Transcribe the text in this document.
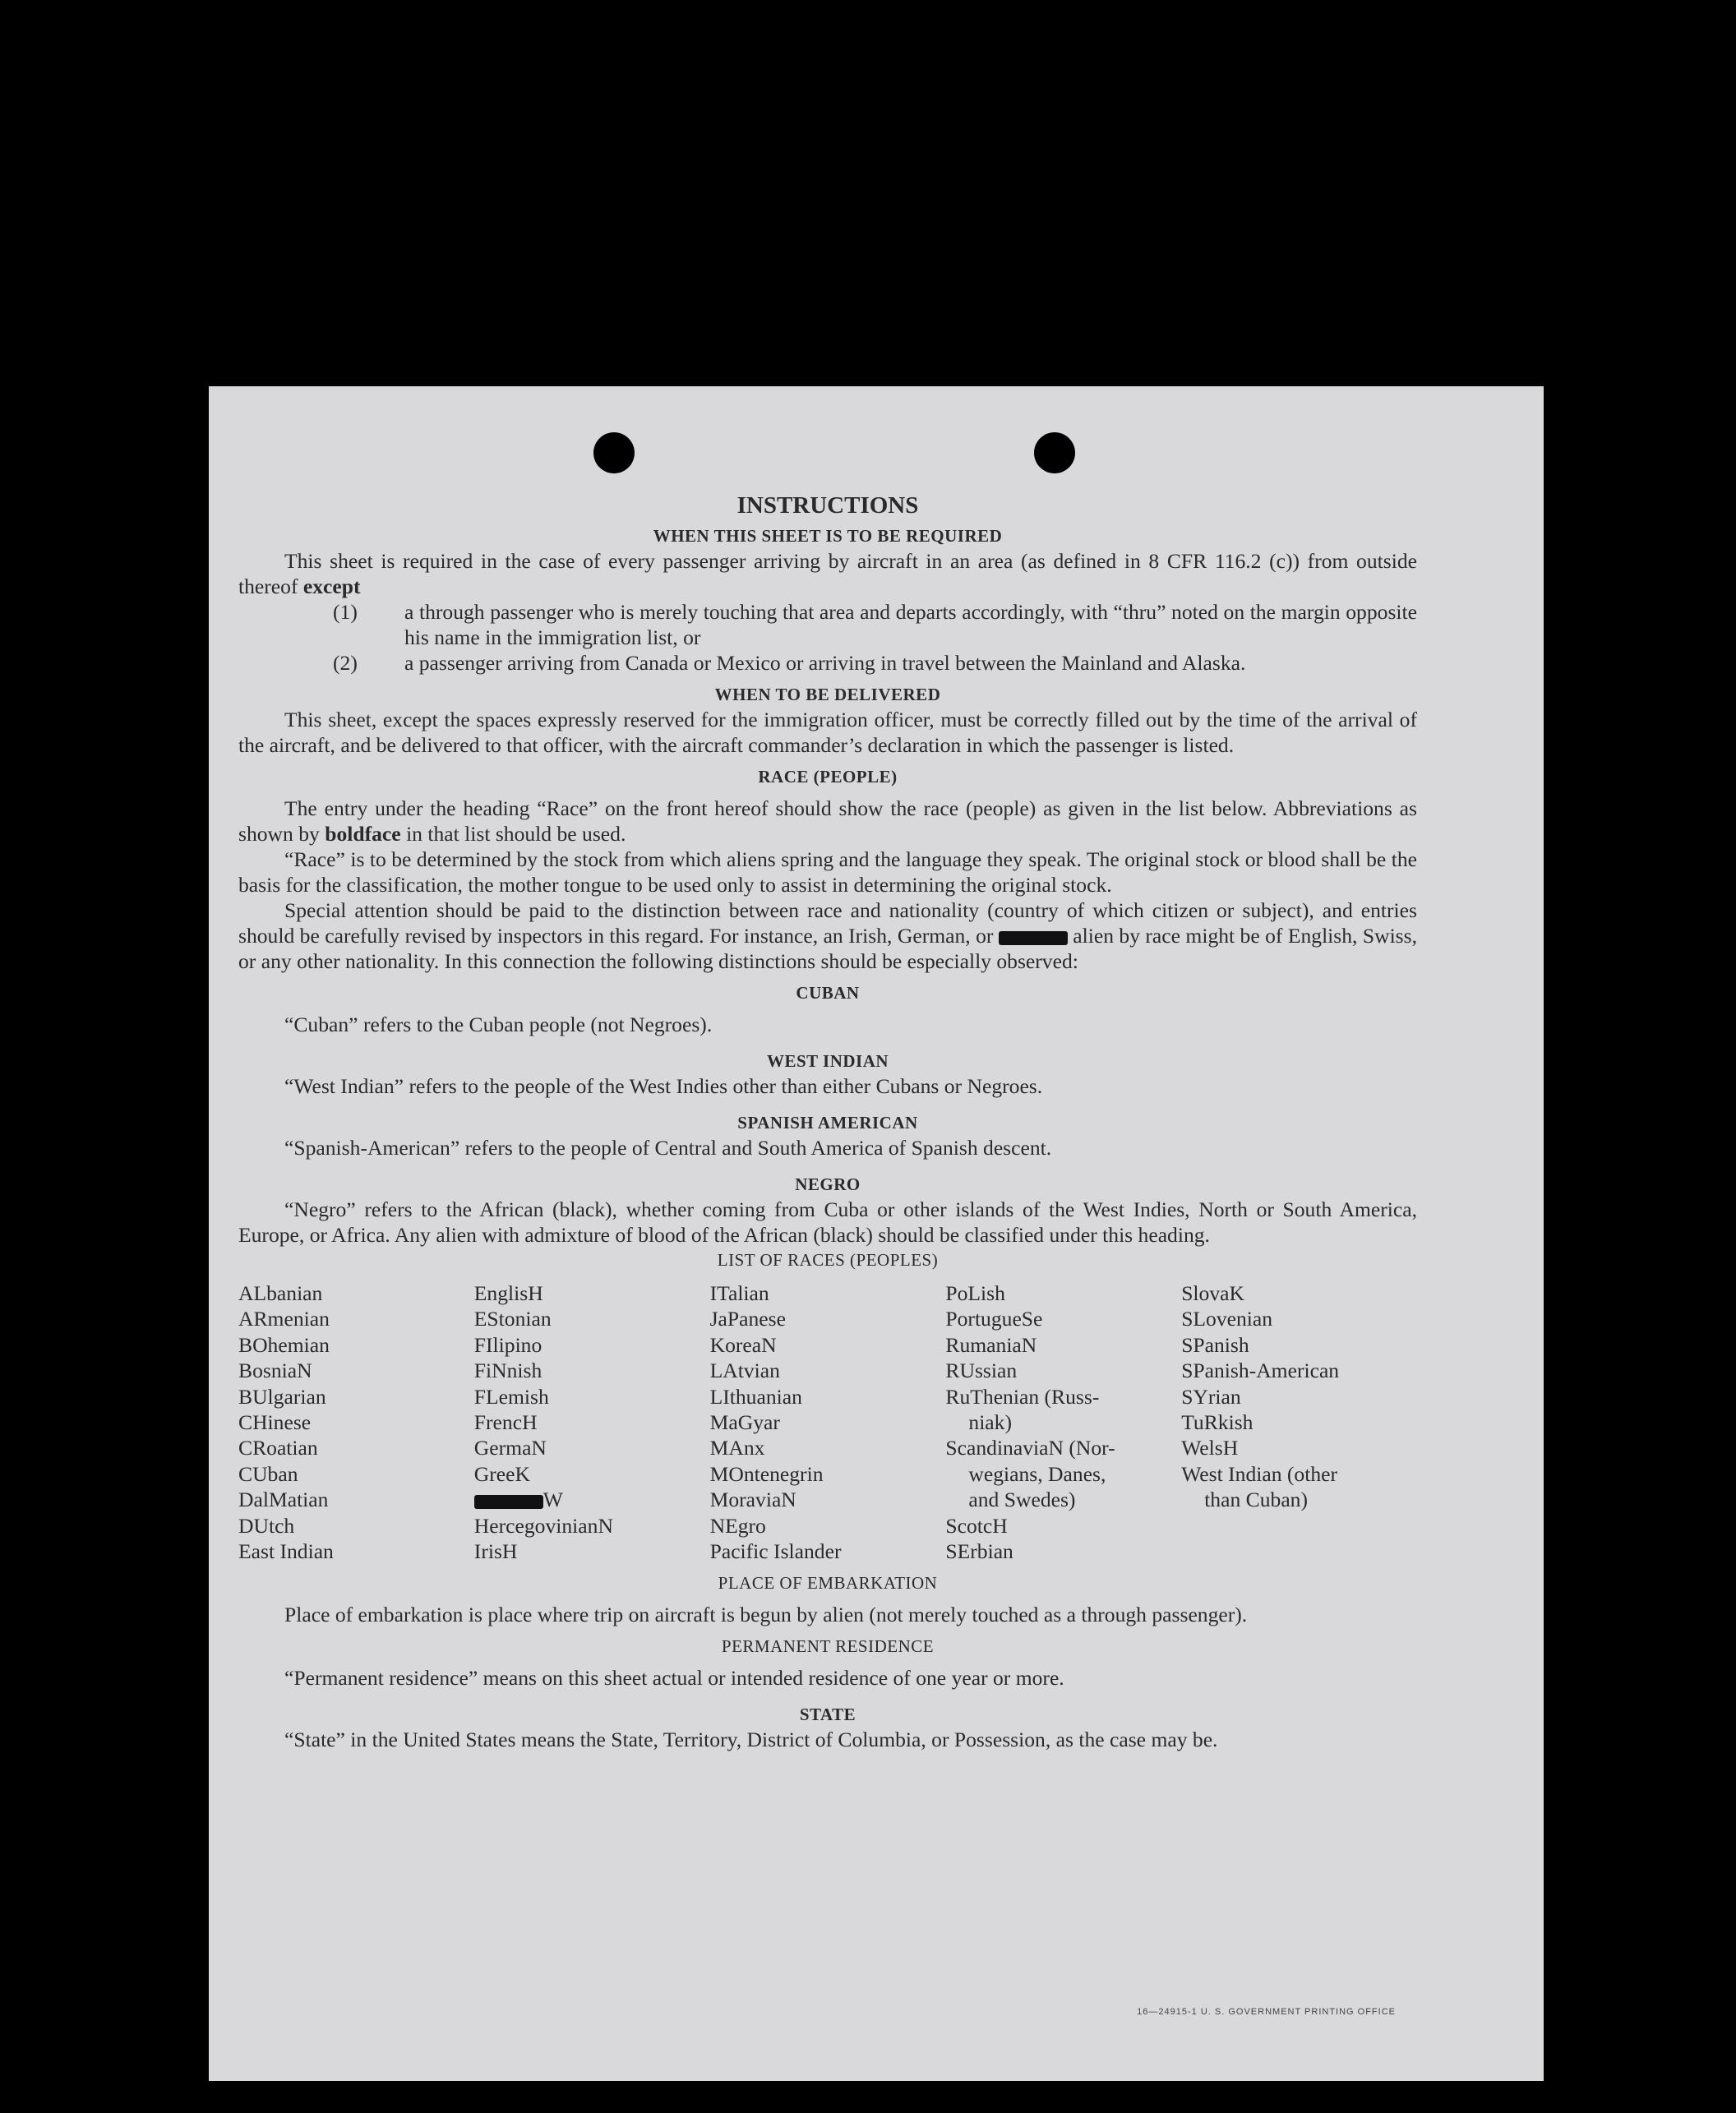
INSTRUCTIONS
WHEN THIS SHEET IS TO BE REQUIRED

This sheet is required in the case of every passenger arriving by aircraft in an area (as defined in 8 CFR 116.2 (c)) from outside thereof except

(1) a through passenger who is merely touching that area and departs accordingly, with “thru” noted on the margin opposite his name in the immigration list, or
(2) a passenger arriving from Canada or Mexico or arriving in travel between the Mainland and Alaska.
WHEN TO BE DELIVERED

This sheet, except the spaces expressly reserved for the immigration officer, must be correctly filled out by the time of the arrival of the aircraft, and be delivered to that officer, with the aircraft commander’s declaration in which the passenger is listed.

RACE (PEOPLE)

The entry under the heading “Race” on the front hereof should show the race (people) as given in the list below. Abbreviations as shown by boldface in that list should be used.

“Race” is to be determined by the stock from which aliens spring and the language they speak. The original stock or blood shall be the basis for the classification, the mother tongue to be used only to assist in determining the original stock.

Special attention should be paid to the distinction between race and nationality (country of which citizen or subject), and entries should be carefully revised by inspectors in this regard. For instance, an Irish, German, or	alien by race might be of English, Swiss, or any other nationality. In this connection the following distinctions should be especially observed:

CUBAN

“Cuban” refers to the Cuban people (not Negroes).

WEST INDIAN

“West Indian” refers to the people of the West Indies other than either Cubans or Negroes.

SPANISH AMERICAN

“Spanish-American” refers to the people of Central and South America of Spanish descent.

NEGRO

“Negro” refers to the African (black), whether coming from Cuba or other islands of the West Indies, North or South America, Europe, or Africa. Any alien with admixture of blood of the African (black) should be classified under this heading.

LIST OF RACES (PEOPLES)
ALbanian
ARmenian
BOhemian
BosniaN
BUlgarian
CHinese
CRoatian
CUban
DalMatian
DUtch
East Indian
EnglisH
EStonian
FIlipino
FiNnish
FLemish
FrencH
GermaN
GreeK
W
HercegovinianN
IrisH
ITalian
JaPanese
KoreaN
LAtvian
LIthuanian
MaGyar
MAnx
MOntenegrin
MoraviaN
NEgro
Pacific Islander
PoLish
PortugueSe
RumaniaN
RUssian
RuThenian (Russ-
niak)
ScandinaviaN (Nor-
wegians, Danes,
and Swedes)
ScotcH
SErbian
SlovaK
SLovenian
SPanish
SPanish-American
SYrian
TuRkish
WelsH
West Indian (other
than Cuban)
PLACE OF EMBARKATION

Place of embarkation is place where trip on aircraft is begun by alien (not merely touched as a through passenger).

PERMANENT RESIDENCE

“Permanent residence” means on this sheet actual or intended residence of one year or more.

STATE

“State” in the United States means the State, Territory, District of Columbia, or Possession, as the case may be.

16—24915-1 U. S. GOVERNMENT PRINTING OFFICE
